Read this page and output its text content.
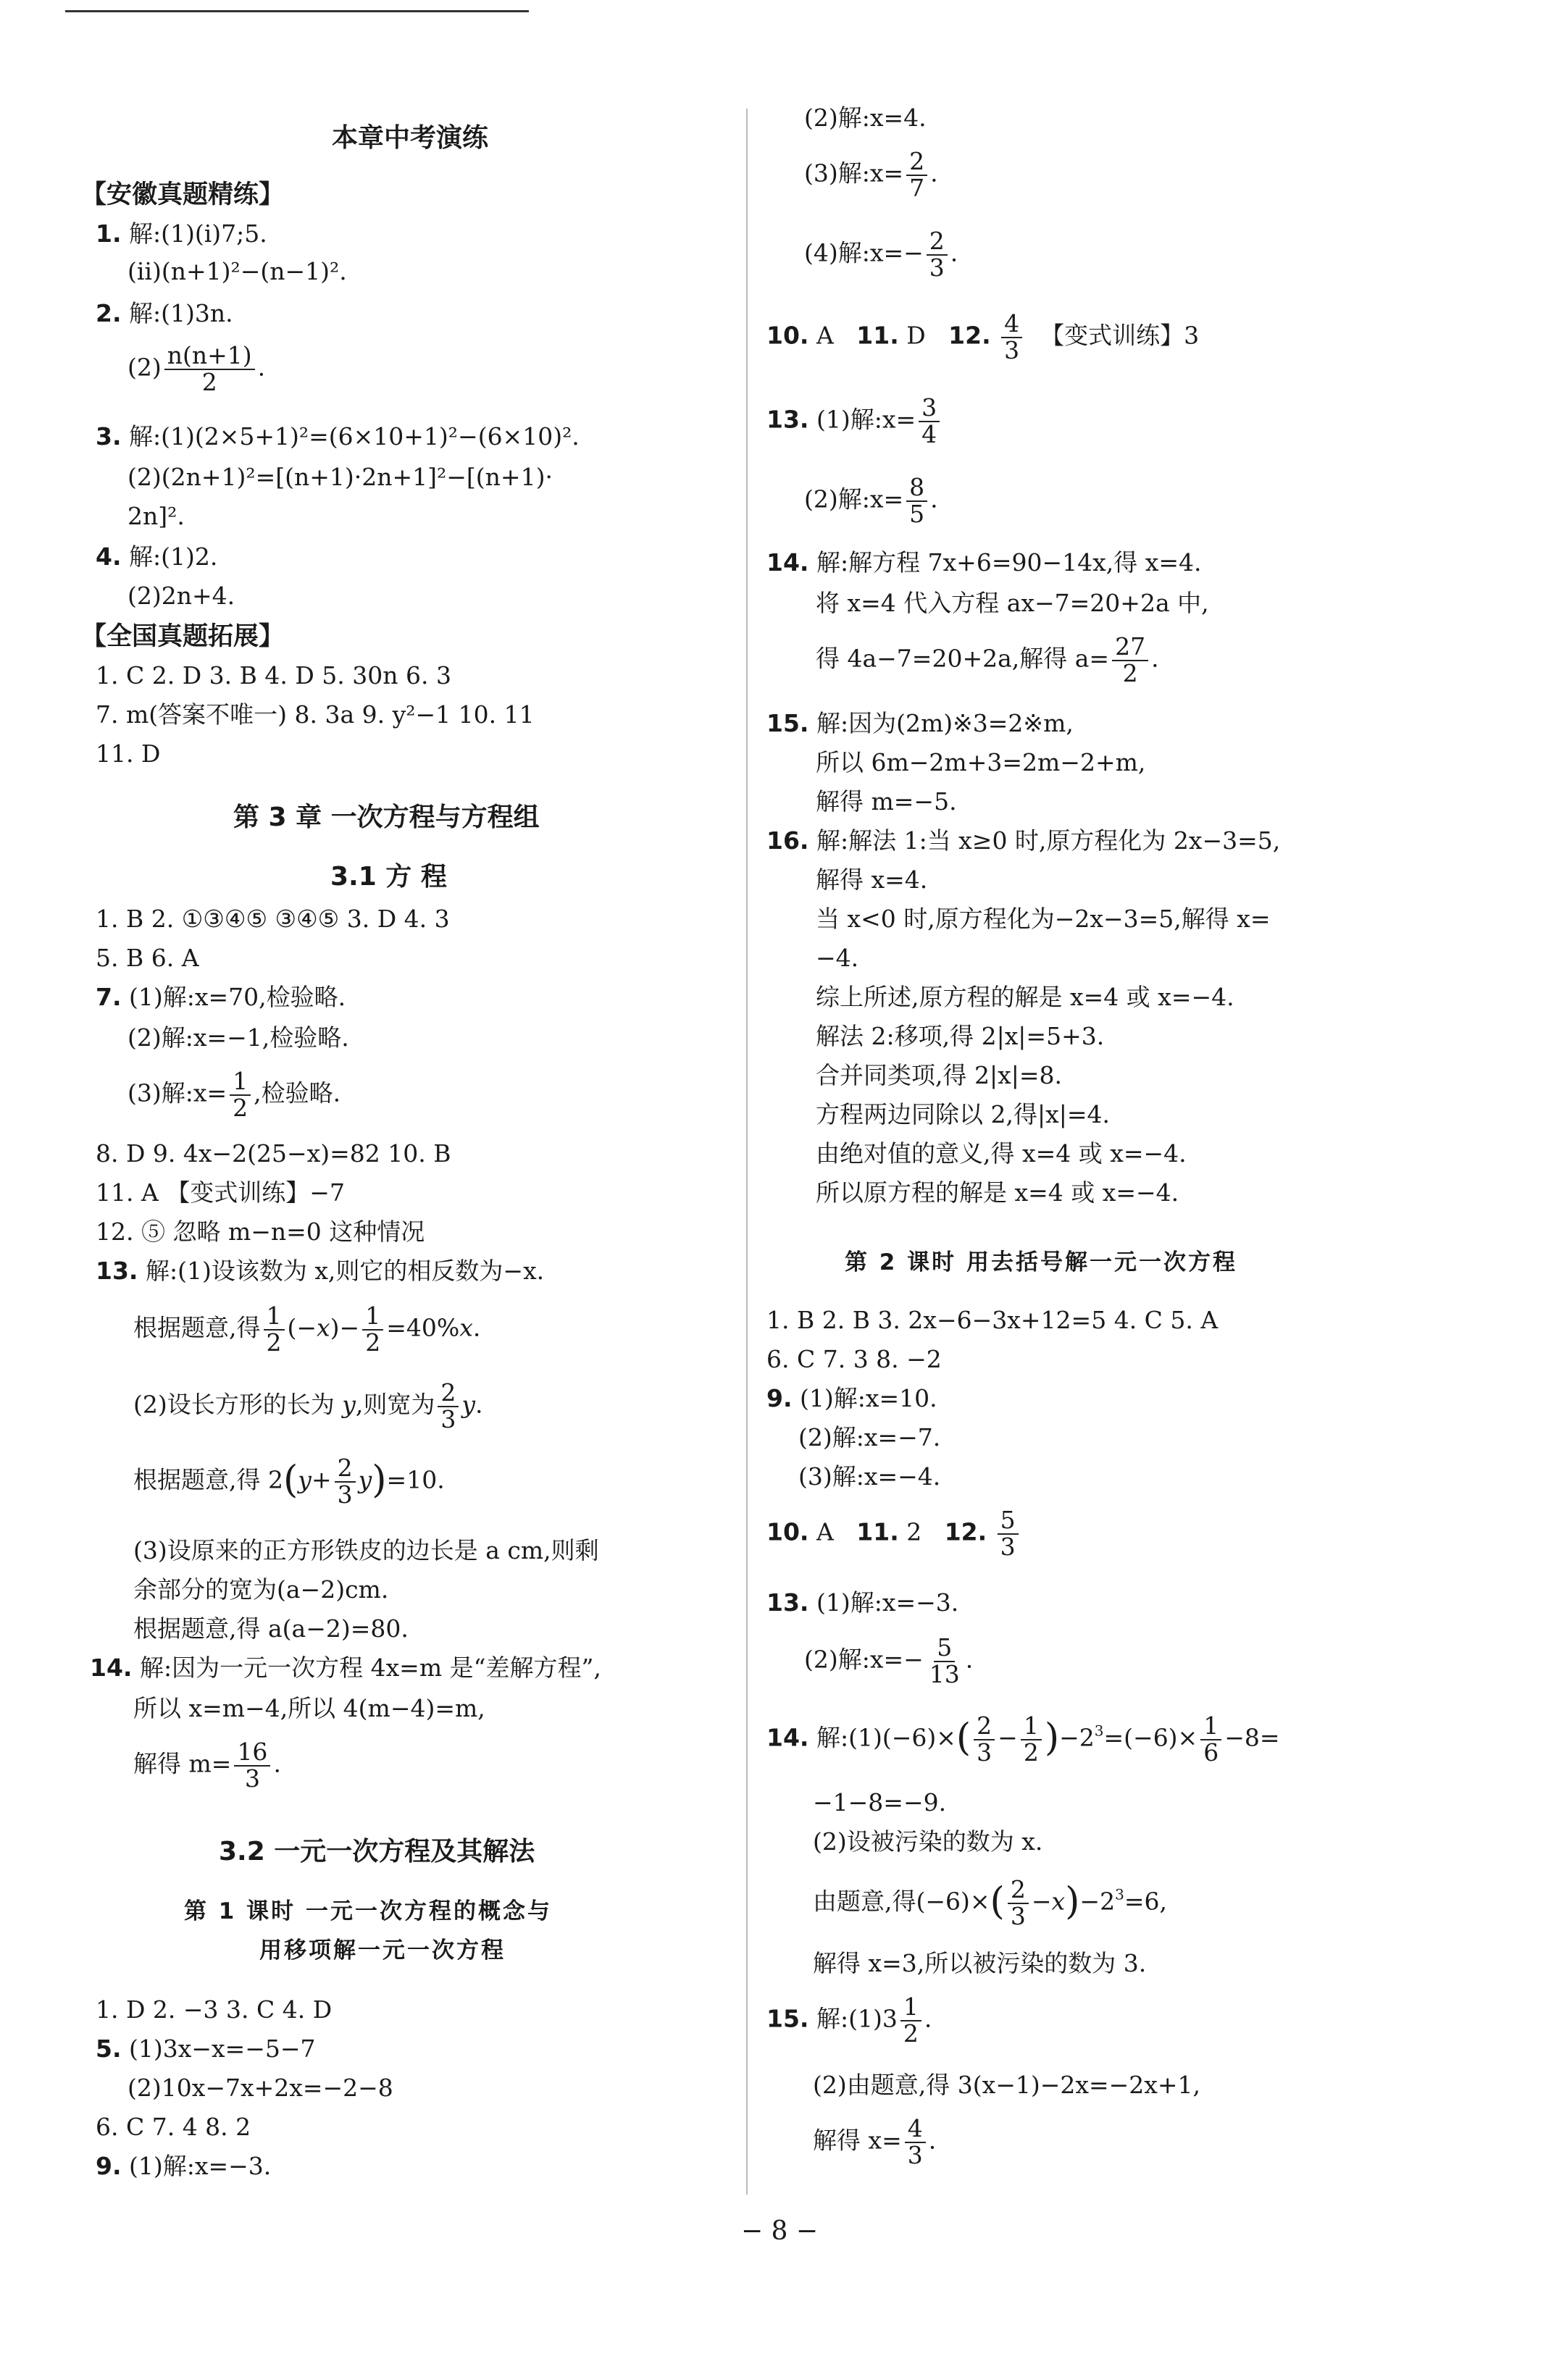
本章中考演练
【安徽真题精练】
1. 解:(1)(ⅰ)7;5.
(ⅱ)(n+1)²−(n−1)².
2. 解:(1)3n.
$(2) \frac{n(n+1)}{2}$ .
3. 解:(1)(2×5+1)²=(6×10+1)²−(6×10)².
(2)(2n+1)²=[(n+1)·2n+1]²−[(n+1)·
2n]².
4. 解:(1)2.
(2)2n+4.
【全国真题拓展】
1. C 2. D 3. B 4. D 5. 30n 6. 3
7. m(答案不唯一) 8. 3a 9. y²−1 10. 11
11. D
第 3 章 一次方程与方程组
3.1 方 程
1. B 2. ①③④⑤ ③④⑤ 3. D 4. 3
5. B 6. A
7. (1)解:x=70,检验略.
(2)解:x=−1,检验略.
(3)解:x= $\frac{1}{2}$ ,检验略.
8. D 9. 4x−2(25−x)=82 10. B
11. A 【变式训练】−7
12. ⑤ 忽略 m−n=0 这种情况
13. 解:(1)设该数为 x,则它的相反数为−x.
根据题意,得 $\frac{1}{2} (-x)- \frac{1}{2} =40\%x$.
(2)设长方形的长为 y,则宽为 $\frac{2}{3} y$.
根据题意,得 $2(y+ \frac{2}{3} y)=10$.
(3)设原来的正方形铁皮的边长是 a cm,则剩
余部分的宽为(a−2)cm.
根据题意,得 a(a−2)=80.
14. 解:因为一元一次方程 4x=m 是“差解方程”,
所以 x=m−4,所以 4(m−4)=m,
解得 $m= \frac{16}{3}$ .
3.2 一元一次方程及其解法
第 1 课时 一元一次方程的概念与
用移项解一元一次方程
1. D 2. −3 3. C 4. D
5. (1)3x−x=−5−7
(2)10x−7x+2x=−2−8
6. C 7. 4 8. 2
9. (1)解:x=−3.
(2)解:x=4.
(3)解:x= $\frac{2}{7}$ .
(4)解:x=− $\frac{2}{3}$ .
10. A   11. D   12. $\frac{4}{3}$ 【变式训练】3
13. (1)解:x= $\frac{3}{4}$
(2)解:x= $\frac{8}{5}$ .
14. 解:解方程 7x+6=90−14x,得 x=4.
将 x=4 代入方程 ax−7=20+2a 中,
得 4a−7=20+2a,解得 $a= \frac{27}{2}$ .
15. 解:因为(2m)※3=2※m,
所以 6m−2m+3=2m−2+m,
解得 m=−5.
16. 解:解法 1:当 x≥0 时,原方程化为 2x−3=5,
解得 x=4.
当 x<0 时,原方程化为−2x−3=5,解得 x=
−4.
综上所述,原方程的解是 x=4 或 x=−4.
解法 2:移项,得 2|x|=5+3.
合并同类项,得 2|x|=8.
方程两边同除以 2,得|x|=4.
由绝对值的意义,得 x=4 或 x=−4.
所以原方程的解是 x=4 或 x=−4.
第 2 课时 用去括号解一元一次方程
1. B 2. B 3. 2x−6−3x+12=5 4. C 5. A
6. C 7. 3 8. −2
9. (1)解:x=10.
(2)解:x=−7.
(3)解:x=−4.
10. A   11. 2   12. $\frac{5}{3}$
13. (1)解:x=−3.
(2)解:x=− $\frac{5}{13}$ .
14. 解:(1)(−6)×( $\frac{2}{3} - \frac{1}{2} )-2^3=(-6)\times \frac{1}{6} -8=$
−1−8=−9.
(2)设被污染的数为 x.
由题意,得$(-6)\times( \frac{2}{3} -x)-2^3=6$,
解得 x=3,所以被污染的数为 3.
15. 解:(1)3 $\frac{1}{2}$ .
(2)由题意,得 3(x−1)−2x=−2x+1,
解得 $x= \frac{4}{3}$ .
− 8 −
